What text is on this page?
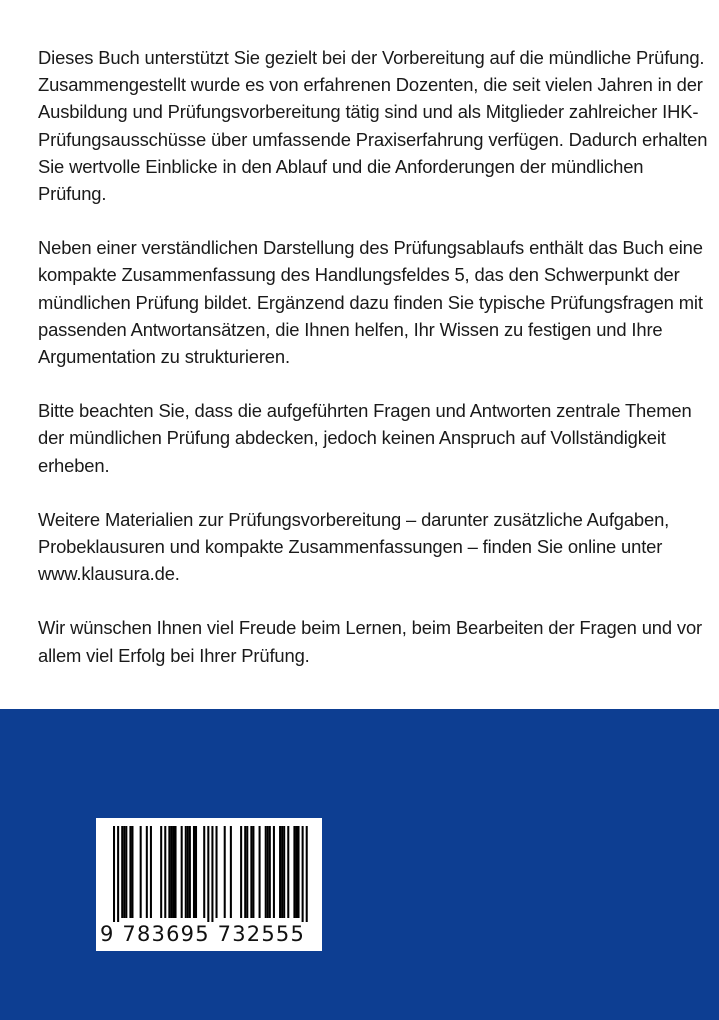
Dieses Buch unterstützt Sie gezielt bei der Vorbereitung auf die mündliche Prüfung. Zusammengestellt wurde es von erfahrenen Dozenten, die seit vielen Jahren in der Ausbildung und Prüfungsvorbereitung tätig sind und als Mitglieder zahlreicher IHK-Prüfungsausschüsse über umfassende Praxiserfahrung verfügen. Dadurch erhalten Sie wertvolle Einblicke in den Ablauf und die Anforderungen der mündlichen Prüfung.

Neben einer verständlichen Darstellung des Prüfungsablaufs enthält das Buch eine kompakte Zusammenfassung des Handlungsfeldes 5, das den Schwerpunkt der mündlichen Prüfung bildet. Ergänzend dazu finden Sie typische Prüfungsfragen mit passenden Antwortansätzen, die Ihnen helfen, Ihr Wissen zu festigen und Ihre Argumentation zu strukturieren.

Bitte beachten Sie, dass die aufgeführten Fragen und Antworten zentrale Themen der mündlichen Prüfung abdecken, jedoch keinen Anspruch auf Vollständigkeit erheben.

Weitere Materialien zur Prüfungsvorbereitung – darunter zusätzliche Aufgaben, Probeklausuren und kompakte Zusammenfassungen – finden Sie online unter www.klausura.de.

Wir wünschen Ihnen viel Freude beim Lernen, beim Bearbeiten der Fragen und vor allem viel Erfolg bei Ihrer Prüfung.

9 783695 732555
